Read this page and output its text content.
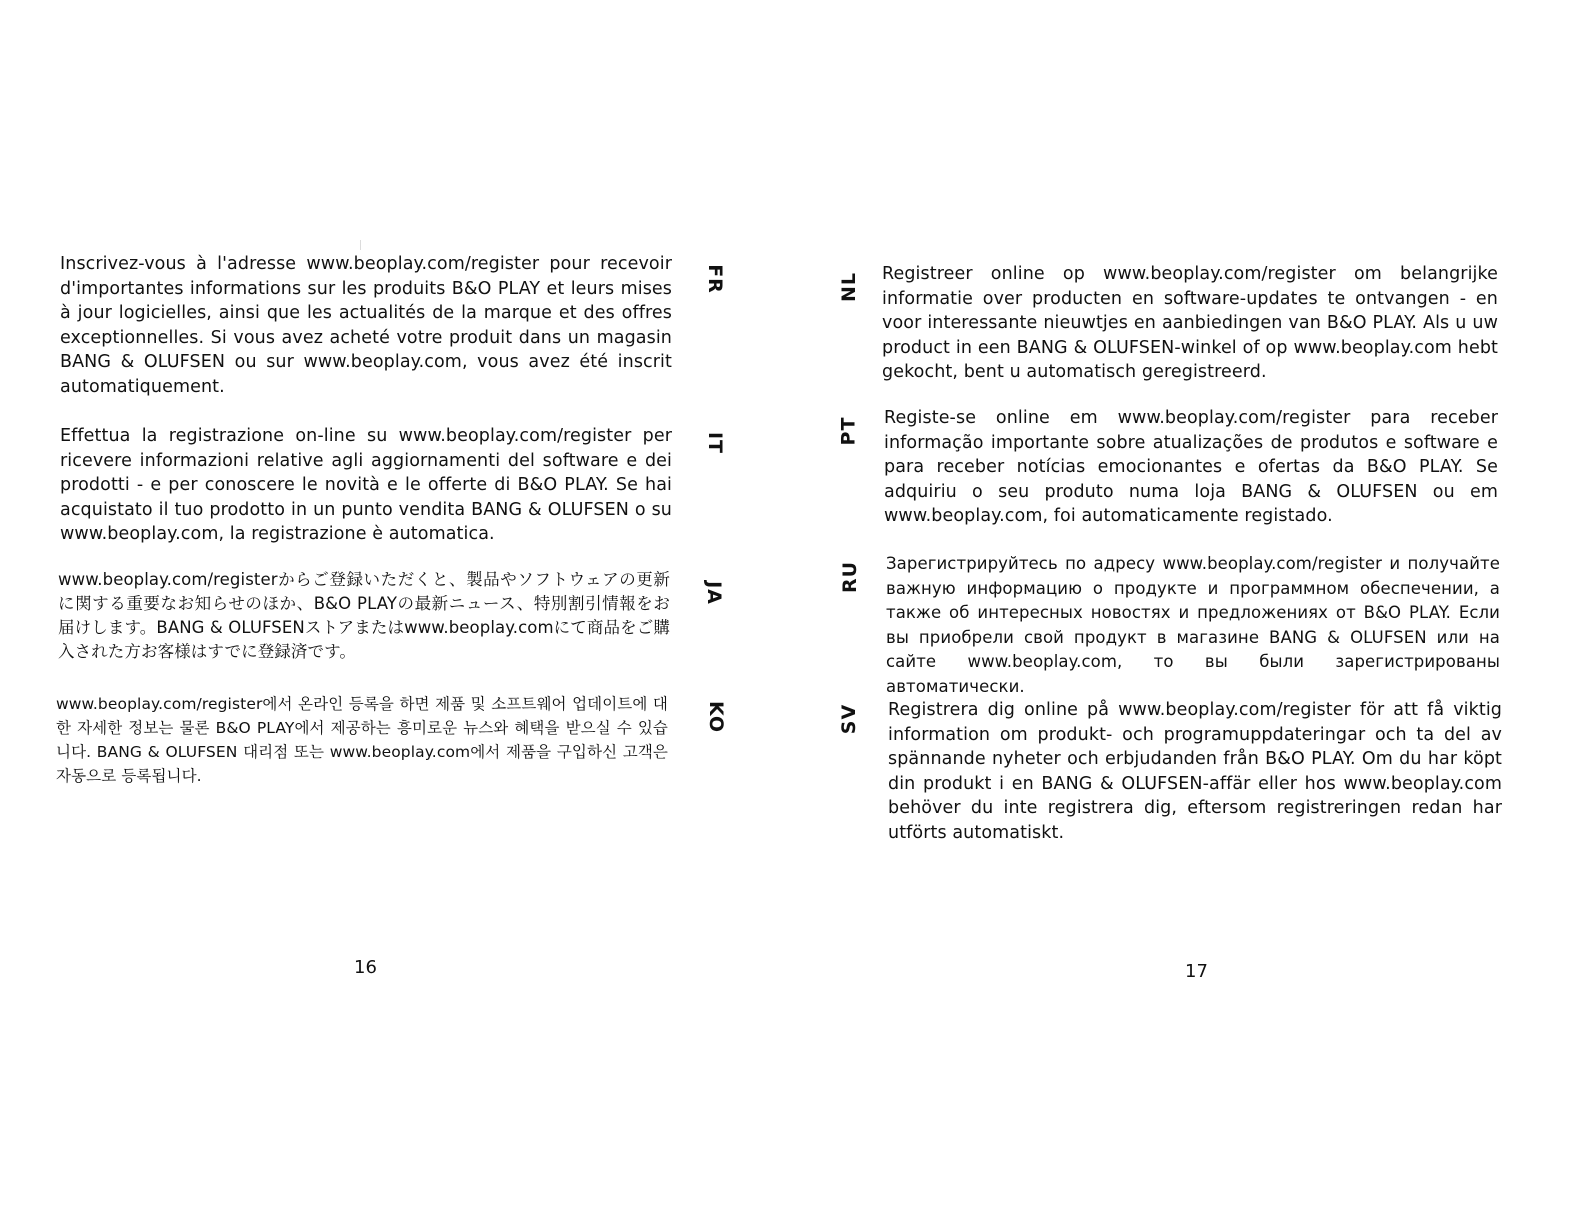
Inscrivez-vous à l'adresse www.beoplay.com/register pour recevoir d'importantes informations sur les produits B&O PLAY et leurs mises à jour logicielles, ainsi que les actualités de la marque et des offres exceptionnelles. Si vous avez acheté votre produit dans un magasin BANG & OLUFSEN ou sur www.beoplay.com, vous avez été inscrit automatiquement.

FR

Effettua la registrazione on-line su www.beoplay.com/register per ricevere informazioni relative agli aggiornamenti del software e dei prodotti - e per conoscere le novità e le offerte di B&O PLAY. Se hai acquistato il tuo prodotto in un punto vendita BANG & OLUFSEN o su www.beoplay.com, la registrazione è automatica.

IT

www.beoplay.com/registerからご登録いただくと、製品やソフトウェアの更新に関する重要なお知らせのほか、B&O PLAYの最新ニュース、特別割引情報をお届けします。BANG & OLUFSENストアまたはwww.beoplay.comにて商品をご購入された方お客様はすでに登録済です。

JA

www.beoplay.com/register에서 온라인 등록을 하면 제품 및 소프트웨어 업데이트에 대한 자세한 정보는 물론 B&O PLAY에서 제공하는 흥미로운 뉴스와 혜택을 받으실 수 있습니다. BANG & OLUFSEN 대리점 또는 www.beoplay.com에서 제품을 구입하신 고객은 자동으로 등록됩니다.

KO
16
NL Registreer online op www.beoplay.com/register om belangrijke informatie over producten en software-updates te ontvangen - en voor interessante nieuwtjes en aanbiedingen van B&O PLAY. Als u uw product in een BANG & OLUFSEN-winkel of op www.beoplay.com hebt gekocht, bent u automatisch geregistreerd.

PT Registe-se online em www.beoplay.com/register para receber informação importante sobre atualizações de produtos e software e para receber notícias emocionantes e ofertas da B&O PLAY. Se adquiriu o seu produto numa loja BANG & OLUFSEN ou em www.beoplay.com, foi automaticamente registado.

RU Зарегистрируйтесь по адресу www.beoplay.com/register и получайте важную информацию о продукте и программном обеспечении, а также об интересных новостях и предложениях от B&O PLAY. Если вы приобрели свой продукт в магазине BANG & OLUFSEN или на сайте www.beoplay.com, то вы были зарегистрированы автоматически.

SV Registrera dig online på www.beoplay.com/register för att få viktig information om produkt- och programuppdateringar och ta del av spännande nyheter och erbjudanden från B&O PLAY. Om du har köpt din produkt i en BANG & OLUFSEN-affär eller hos www.beoplay.com behöver du inte registrera dig, eftersom registreringen redan har utförts automatiskt.

17
